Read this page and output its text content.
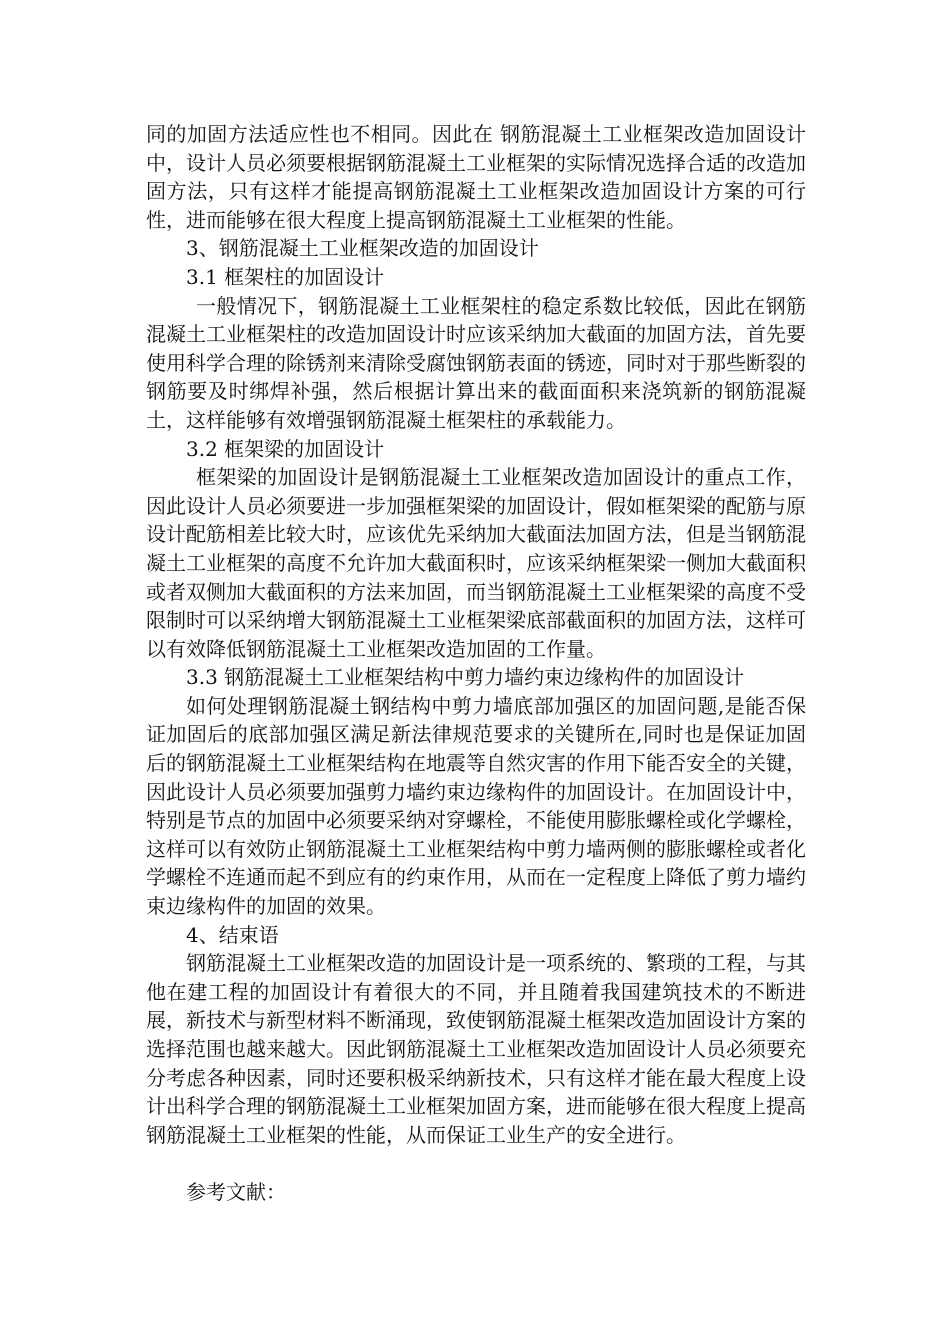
同的加固方法适应性也不相同。因此在 钢筋混凝土工业框架改造加固设计中，设计人员必须要根据钢筋混凝土工业框架的实际情况选择合适的改造加固方法，只有这样才能提高钢筋混凝土工业框架改造加固设计方案的可行性，进而能够在很大程度上提高钢筋混凝土工业框架的性能。

3、钢筋混凝土工业框架改造的加固设计

3.1 框架柱的加固设计

一般情况下，钢筋混凝土工业框架柱的稳定系数比较低，因此在钢筋混凝土工业框架柱的改造加固设计时应该采纳加大截面的加固方法，首先要使用科学合理的除锈剂来清除受腐蚀钢筋表面的锈迹，同时对于那些断裂的钢筋要及时绑焊补强，然后根据计算出来的截面面积来浇筑新的钢筋混凝土，这样能够有效增强钢筋混凝土框架柱的承载能力。

3.2 框架梁的加固设计

框架梁的加固设计是钢筋混凝土工业框架改造加固设计的重点工作，因此设计人员必须要进一步加强框架梁的加固设计，假如框架梁的配筋与原设计配筋相差比较大时，应该优先采纳加大截面法加固方法，但是当钢筋混凝土工业框架的高度不允许加大截面积时，应该采纳框架梁一侧加大截面积或者双侧加大截面积的方法来加固，而当钢筋混凝土工业框架梁的高度不受限制时可以采纳增大钢筋混凝土工业框架梁底部截面积的加固方法，这样可以有效降低钢筋混凝土工业框架改造加固的工作量。

3.3 钢筋混凝土工业框架结构中剪力墙约束边缘构件的加固设计

如何处理钢筋混凝土钢结构中剪力墙底部加强区的加固问题,是能否保证加固后的底部加强区满足新法律规范要求的关键所在,同时也是保证加固后的钢筋混凝土工业框架结构在地震等自然灾害的作用下能否安全的关键，因此设计人员必须要加强剪力墙约束边缘构件的加固设计。在加固设计中，特别是节点的加固中必须要采纳对穿螺栓，不能使用膨胀螺栓或化学螺栓，这样可以有效防止钢筋混凝土工业框架结构中剪力墙两侧的膨胀螺栓或者化学螺栓不连通而起不到应有的约束作用，从而在一定程度上降低了剪力墙约束边缘构件的加固的效果。

4、结束语

钢筋混凝土工业框架改造的加固设计是一项系统的、繁琐的工程，与其他在建工程的加固设计有着很大的不同，并且随着我国建筑技术的不断进展，新技术与新型材料不断涌现，致使钢筋混凝土框架改造加固设计方案的选择范围也越来越大。因此钢筋混凝土工业框架改造加固设计人员必须要充分考虑各种因素，同时还要积极采纳新技术，只有这样才能在最大程度上设计出科学合理的钢筋混凝土工业框架加固方案，进而能够在很大程度上提高钢筋混凝土工业框架的性能，从而保证工业生产的安全进行。

参考文献：
